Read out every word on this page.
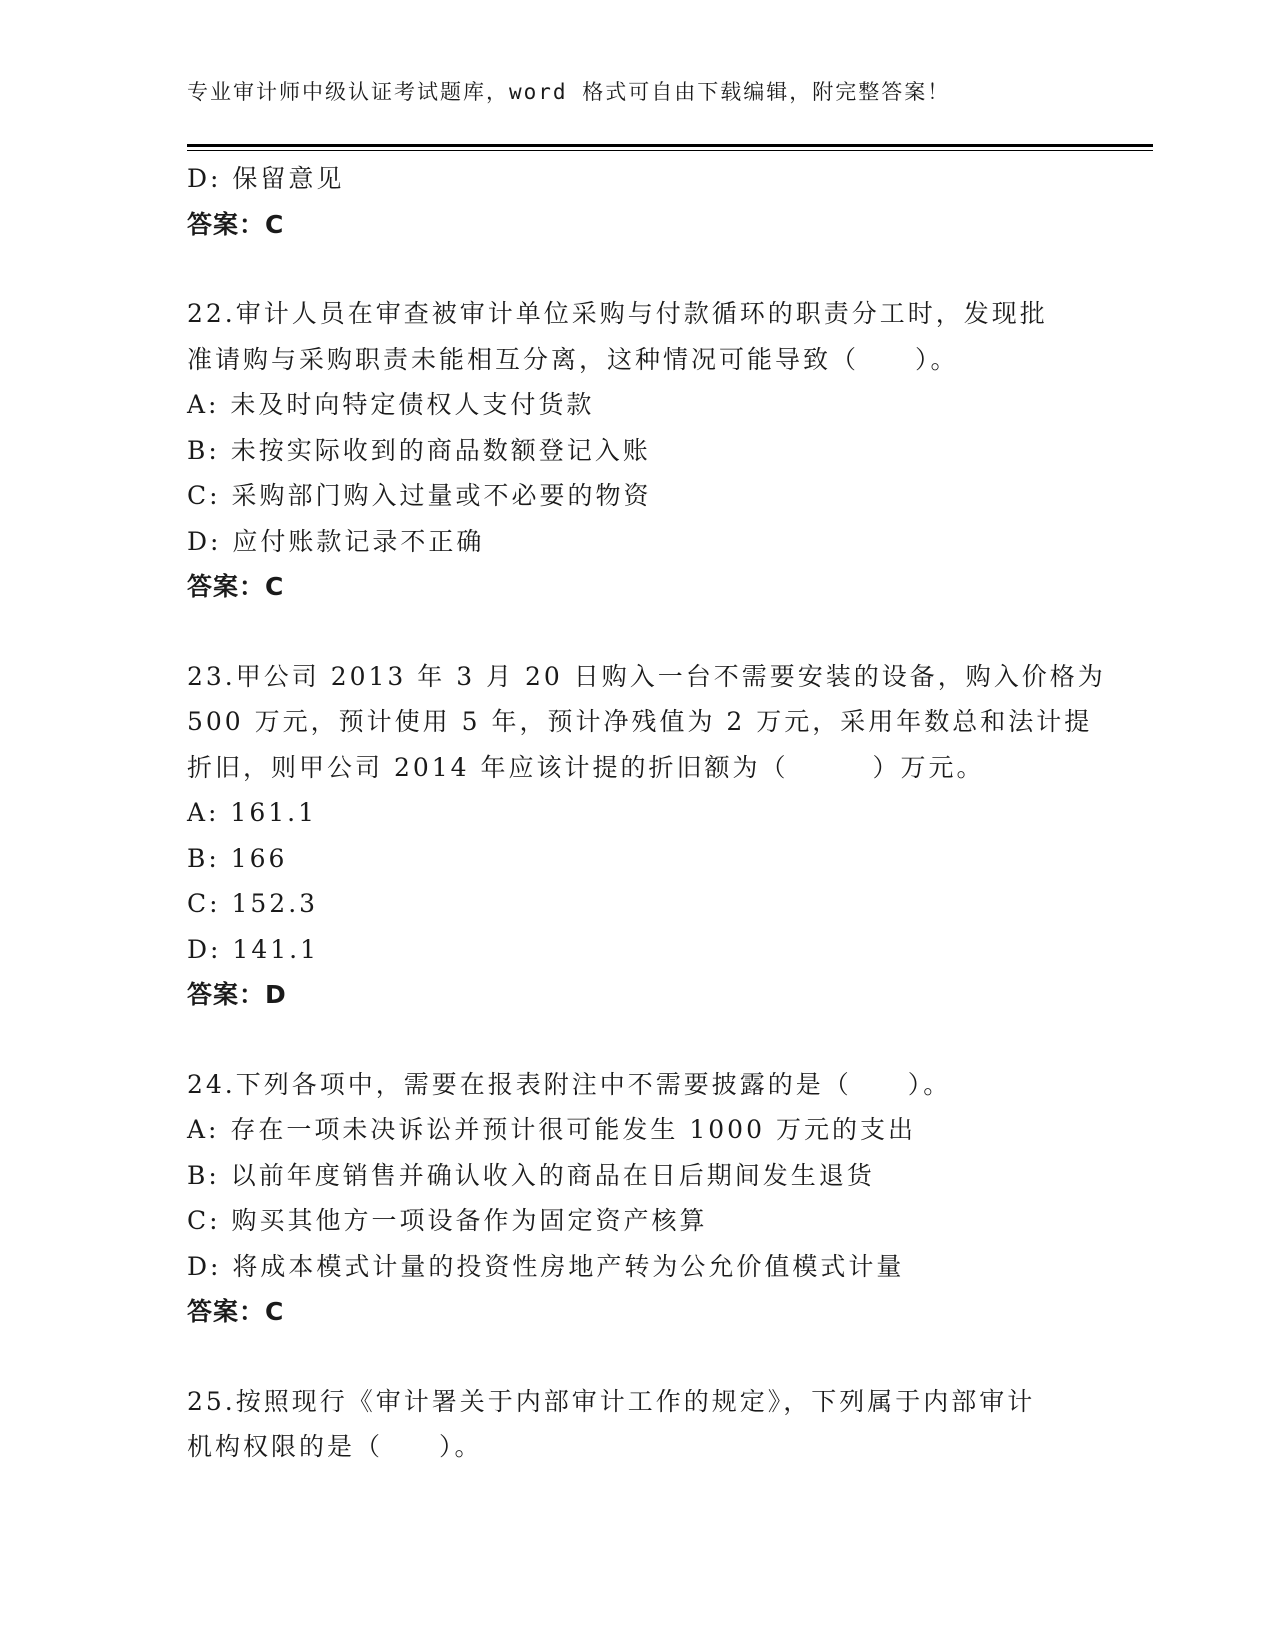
专业审计师中级认证考试题库，word 格式可自由下载编辑，附完整答案！
D: 保留意见
答案：C
22.审计人员在审查被审计单位采购与付款循环的职责分工时，发现批
准请购与采购职责未能相互分离，这种情况可能导致（　　）。
A: 未及时向特定债权人支付货款
B: 未按实际收到的商品数额登记入账
C: 采购部门购入过量或不必要的物资
D: 应付账款记录不正确
答案：C
23.甲公司 2013 年 3 月 20 日购入一台不需要安装的设备，购入价格为
500 万元，预计使用 5 年，预计净残值为 2 万元，采用年数总和法计提
折旧，则甲公司 2014 年应该计提的折旧额为（　　　）万元。
A: 161.1
B: 166
C: 152.3
D: 141.1
答案：D
24.下列各项中，需要在报表附注中不需要披露的是（　　）。
A: 存在一项未决诉讼并预计很可能发生 1000 万元的支出
B: 以前年度销售并确认收入的商品在日后期间发生退货
C: 购买其他方一项设备作为固定资产核算
D: 将成本模式计量的投资性房地产转为公允价值模式计量
答案：C
25.按照现行《审计署关于内部审计工作的规定》，下列属于内部审计
机构权限的是（　　）。
